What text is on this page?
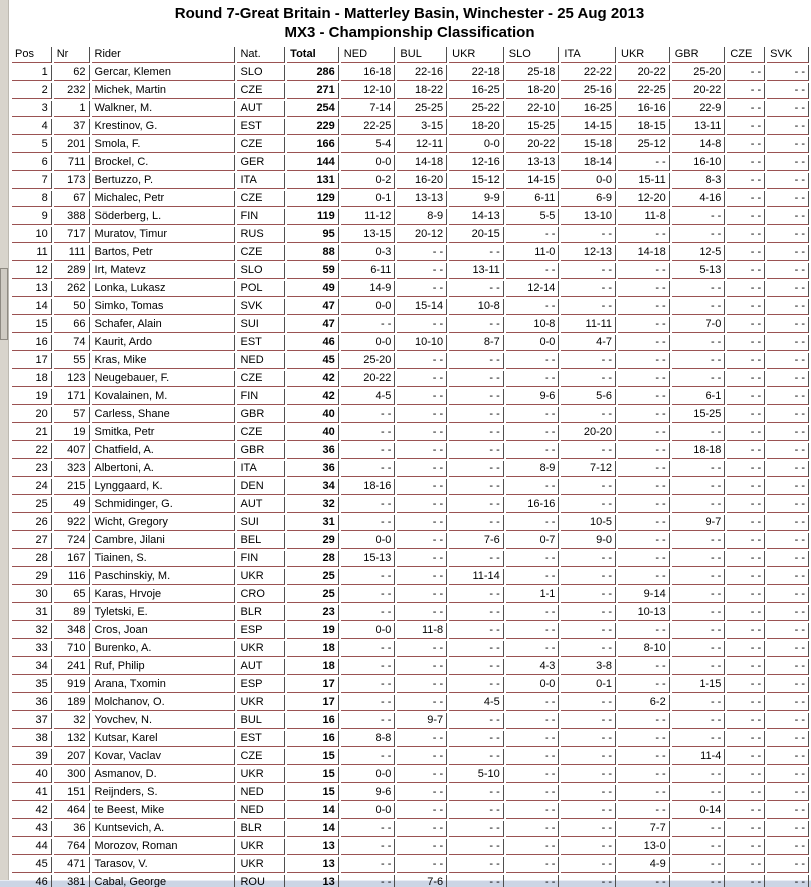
Round 7-Great Britain - Matterley Basin, Winchester - 25 Aug 2013
MX3 - Championship Classification
Pos	Nr	Rider	Nat.	Total	NED	BUL	UKR	SLO	ITA	UKR	GBR	CZE	SVK
1	62	Gercar, Klemen	SLO	286	16-18	22-16	22-18	25-18	22-22	20-22	25-20	- -	- -
2	232	Michek, Martin	CZE	271	12-10	18-22	16-25	18-20	25-16	22-25	20-22	- -	- -
3	1	Walkner, M.	AUT	254	7-14	25-25	25-22	22-10	16-25	16-16	22-9	- -	- -
4	37	Krestinov, G.	EST	229	22-25	3-15	18-20	15-25	14-15	18-15	13-11	- -	- -
5	201	Smola, F.	CZE	166	5-4	12-11	0-0	20-22	15-18	25-12	14-8	- -	- -
6	711	Brockel, C.	GER	144	0-0	14-18	12-16	13-13	18-14	- -	16-10	- -	- -
7	173	Bertuzzo, P.	ITA	131	0-2	16-20	15-12	14-15	0-0	15-11	8-3	- -	- -
8	67	Michalec, Petr	CZE	129	0-1	13-13	9-9	6-11	6-9	12-20	4-16	- -	- -
9	388	Söderberg, L.	FIN	119	11-12	8-9	14-13	5-5	13-10	11-8	- -	- -	- -
10	717	Muratov, Timur	RUS	95	13-15	20-12	20-15	- -	- -	- -	- -	- -	- -
11	111	Bartos, Petr	CZE	88	0-3	- -	- -	11-0	12-13	14-18	12-5	- -	- -
12	289	Irt, Matevz	SLO	59	6-11	- -	13-11	- -	- -	- -	5-13	- -	- -
13	262	Lonka, Lukasz	POL	49	14-9	- -	- -	12-14	- -	- -	- -	- -	- -
14	50	Simko, Tomas	SVK	47	0-0	15-14	10-8	- -	- -	- -	- -	- -	- -
15	66	Schafer, Alain	SUI	47	- -	- -	- -	10-8	11-11	- -	7-0	- -	- -
16	74	Kaurit, Ardo	EST	46	0-0	10-10	8-7	0-0	4-7	- -	- -	- -	- -
17	55	Kras, Mike	NED	45	25-20	- -	- -	- -	- -	- -	- -	- -	- -
18	123	Neugebauer, F.	CZE	42	20-22	- -	- -	- -	- -	- -	- -	- -	- -
19	171	Kovalainen, M.	FIN	42	4-5	- -	- -	9-6	5-6	- -	6-1	- -	- -
20	57	Carless, Shane	GBR	40	- -	- -	- -	- -	- -	- -	15-25	- -	- -
21	19	Smitka, Petr	CZE	40	- -	- -	- -	- -	20-20	- -	- -	- -	- -
22	407	Chatfield, A.	GBR	36	- -	- -	- -	- -	- -	- -	18-18	- -	- -
23	323	Albertoni, A.	ITA	36	- -	- -	- -	8-9	7-12	- -	- -	- -	- -
24	215	Lynggaard, K.	DEN	34	18-16	- -	- -	- -	- -	- -	- -	- -	- -
25	49	Schmidinger, G.	AUT	32	- -	- -	- -	16-16	- -	- -	- -	- -	- -
26	922	Wicht, Gregory	SUI	31	- -	- -	- -	- -	10-5	- -	9-7	- -	- -
27	724	Cambre, Jilani	BEL	29	0-0	- -	7-6	0-7	9-0	- -	- -	- -	- -
28	167	Tiainen, S.	FIN	28	15-13	- -	- -	- -	- -	- -	- -	- -	- -
29	116	Paschinskiy, M.	UKR	25	- -	- -	11-14	- -	- -	- -	- -	- -	- -
30	65	Karas, Hrvoje	CRO	25	- -	- -	- -	1-1	- -	9-14	- -	- -	- -
31	89	Tyletski, E.	BLR	23	- -	- -	- -	- -	- -	10-13	- -	- -	- -
32	348	Cros, Joan	ESP	19	0-0	11-8	- -	- -	- -	- -	- -	- -	- -
33	710	Burenko, A.	UKR	18	- -	- -	- -	- -	- -	8-10	- -	- -	- -
34	241	Ruf, Philip	AUT	18	- -	- -	- -	4-3	3-8	- -	- -	- -	- -
35	919	Arana, Txomin	ESP	17	- -	- -	- -	0-0	0-1	- -	1-15	- -	- -
36	189	Molchanov, O.	UKR	17	- -	- -	4-5	- -	- -	6-2	- -	- -	- -
37	32	Yovchev, N.	BUL	16	- -	9-7	- -	- -	- -	- -	- -	- -	- -
38	132	Kutsar, Karel	EST	16	8-8	- -	- -	- -	- -	- -	- -	- -	- -
39	207	Kovar, Vaclav	CZE	15	- -	- -	- -	- -	- -	- -	11-4	- -	- -
40	300	Asmanov, D.	UKR	15	0-0	- -	5-10	- -	- -	- -	- -	- -	- -
41	151	Reijnders, S.	NED	15	9-6	- -	- -	- -	- -	- -	- -	- -	- -
42	464	te Beest, Mike	NED	14	0-0	- -	- -	- -	- -	- -	0-14	- -	- -
43	36	Kuntsevich, A.	BLR	14	- -	- -	- -	- -	- -	7-7	- -	- -	- -
44	764	Morozov, Roman	UKR	13	- -	- -	- -	- -	- -	13-0	- -	- -	- -
45	471	Tarasov, V.	UKR	13	- -	- -	- -	- -	- -	4-9	- -	- -	- -
46	381	Cabal, George	ROU	13	- -	7-6	- -	- -	- -	- -	- -	- -	- -
